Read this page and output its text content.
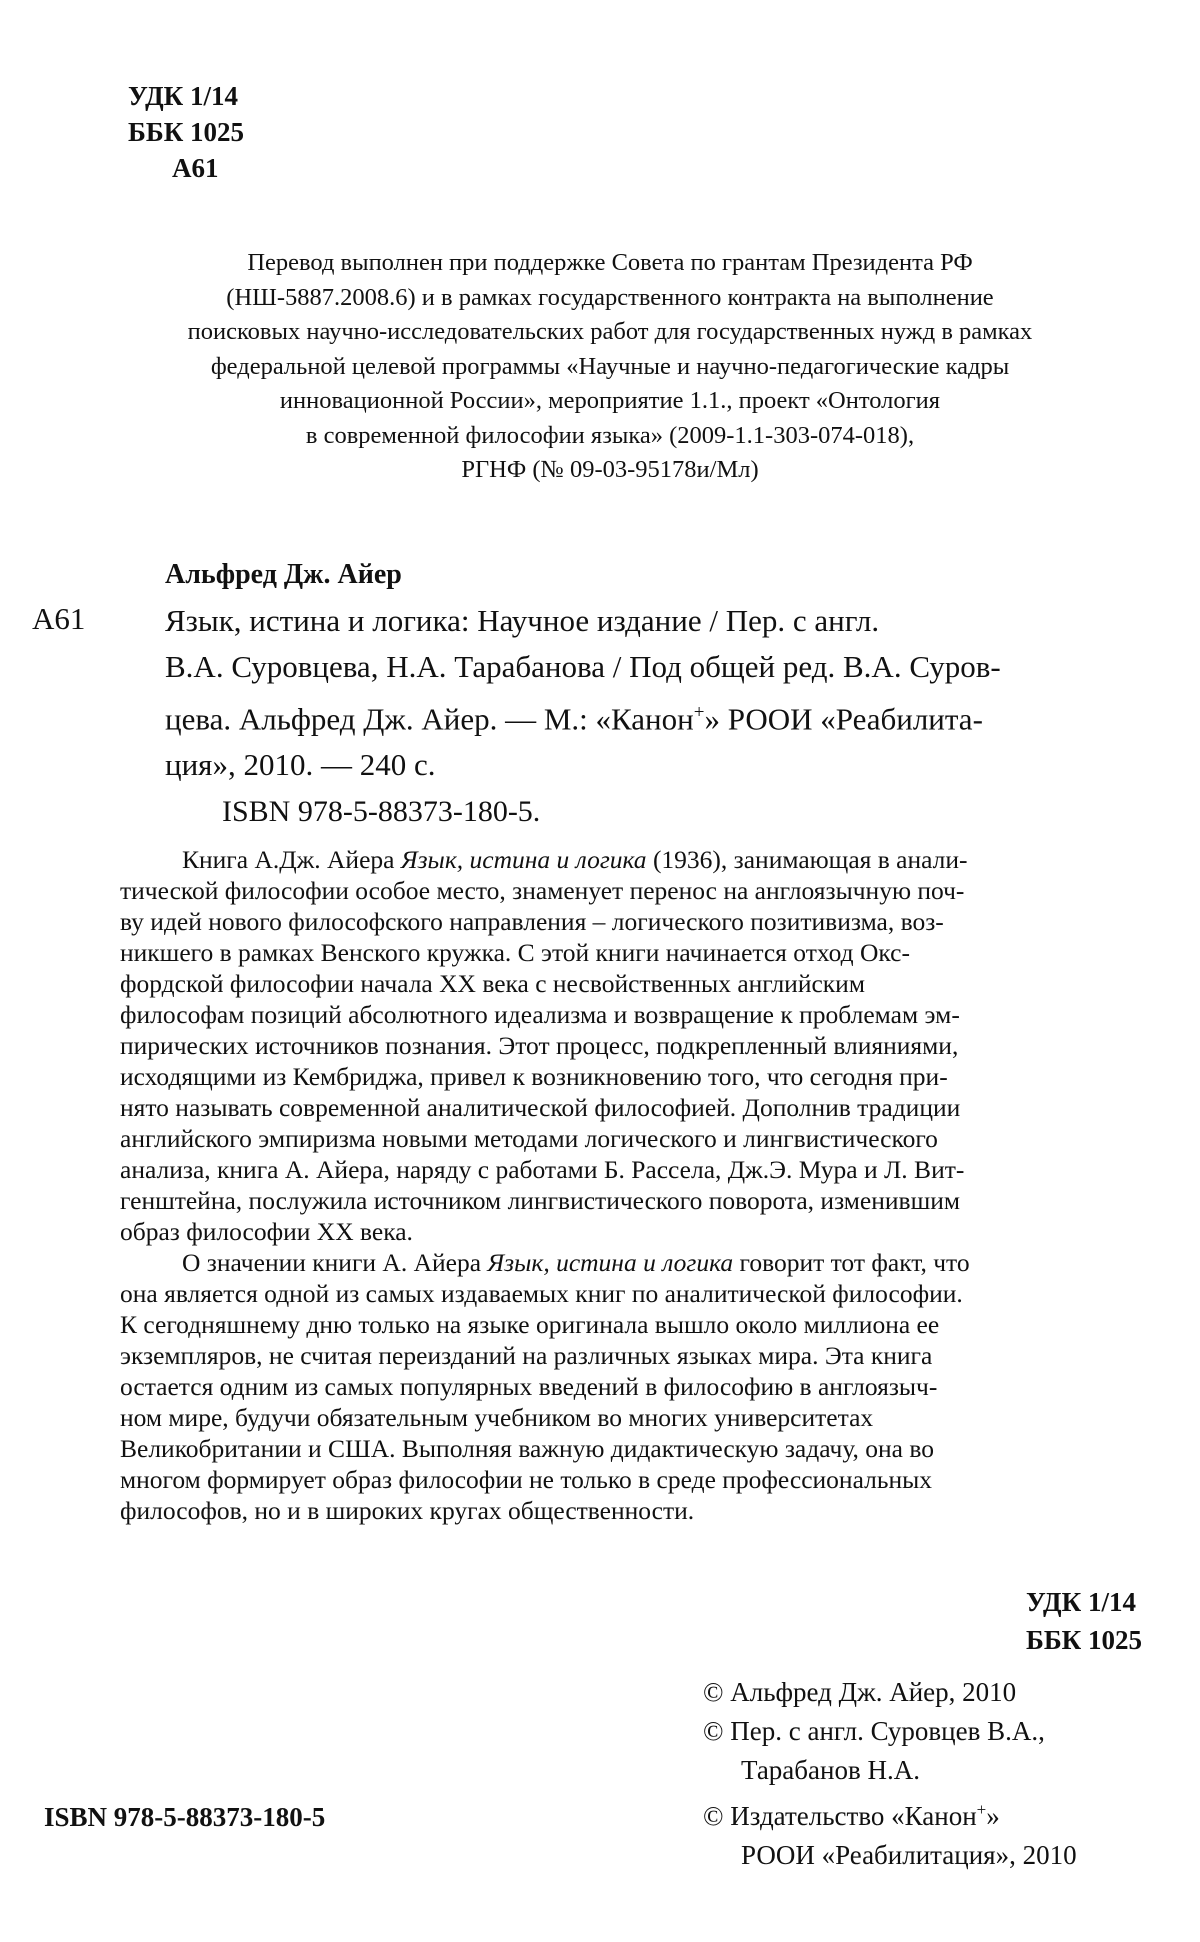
УДК 1/14
ББК 1025
А61
Перевод выполнен при поддержке Совета по грантам Президента РФ
(НШ-5887.2008.6) и в рамках государственного контракта на выполнение
поисковых научно-исследовательских работ для государственных нужд в рамках
федеральной целевой программы «Научные и научно-педагогические кадры
инновационной России», мероприятие 1.1., проект «Онтология
в современной философии языка» (2009-1.1-303-074-018),
РГНФ (№ 09-03-95178и/Мл)
Альфред Дж. Айер
А61	Язык, истина и логика: Научное издание / Пер. с англ.
В.А. Суровцева, Н.А. Тарабанова / Под общей ред. В.А. Суров-
цева. Альфред Дж. Айер. — М.: «Канон+» РООИ «Реабилита-
ция», 2010. — 240 с.
ISBN 978-5-88373-180-5.
Книга А.Дж. Айера Язык, истина и логика (1936), занимающая в анали-
тической философии особое место, знаменует перенос на англоязычную поч-
ву идей нового философского направления – логического позитивизма, воз-
никшего в рамках Венского кружка. С этой книги начинается отход Окс-
фордской философии начала XX века с несвойственных английским
философам позиций абсолютного идеализма и возвращение к проблемам эм-
пирических источников познания. Этот процесс, подкрепленный влияниями,
исходящими из Кембриджа, привел к возникновению того, что сегодня при-
нято называть современной аналитической философией. Дополнив традиции
английского эмпиризма новыми методами логического и лингвистического
анализа, книга А. Айера, наряду с работами Б. Рассела, Дж.Э. Мура и Л. Вит-
генштейна, послужила источником лингвистического поворота, изменившим
образ философии XX века.
О значении книги А. Айера Язык, истина и логика говорит тот факт, что
она является одной из самых издаваемых книг по аналитической философии.
К сегодняшнему дню только на языке оригинала вышло около миллиона ее
экземпляров, не считая переизданий на различных языках мира. Эта книга
остается одним из самых популярных введений в философию в англоязыч-
ном мире, будучи обязательным учебником во многих университетах
Великобритании и США. Выполняя важную дидактическую задачу, она во
многом формирует образ философии не только в среде профессиональных
философов, но и в широких кругах общественности.
УДК 1/14
ББК 1025
© Альфред Дж. Айер, 2010
© Пер. с англ. Суровцев В.А.,
Тарабанов Н.А.
© Издательство «Канон+»
РООИ «Реабилитация», 2010
ISBN 978-5-88373-180-5
